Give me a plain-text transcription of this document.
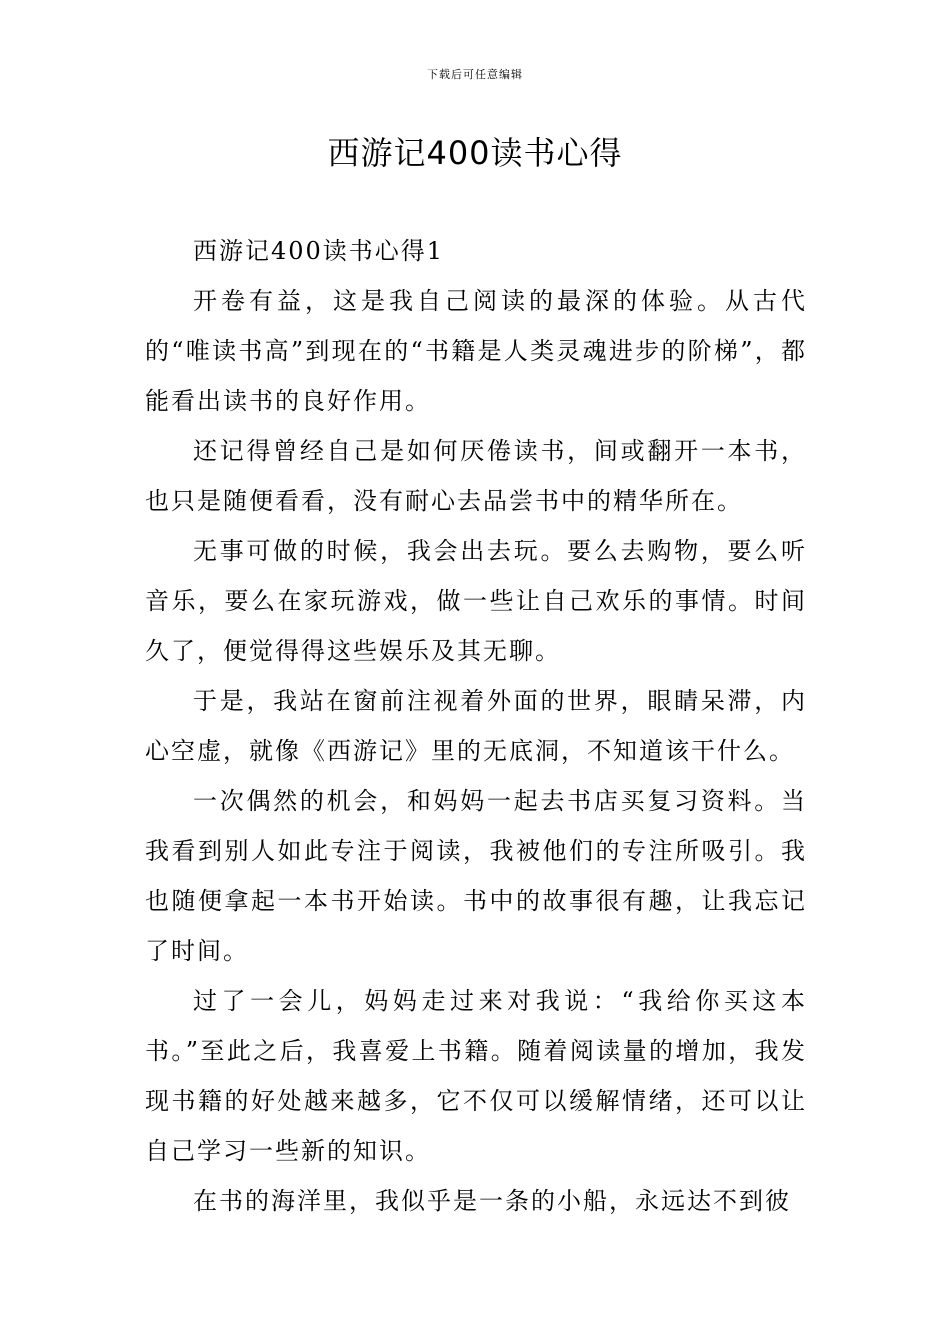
下载后可任意编辑
西游记400读书心得

西游记400读书心得1

开卷有益，这是我自己阅读的最深的体验。从古代的“唯读书高”到现在的“书籍是人类灵魂进步的阶梯”，都能看出读书的良好作用。

还记得曾经自己是如何厌倦读书，间或翻开一本书，也只是随便看看，没有耐心去品尝书中的精华所在。

无事可做的时候，我会出去玩。要么去购物，要么听音乐，要么在家玩游戏，做一些让自己欢乐的事情。时间久了，便觉得得这些娱乐及其无聊。

于是，我站在窗前注视着外面的世界，眼睛呆滞，内心空虚，就像《西游记》里的无底洞，不知道该干什么。

一次偶然的机会，和妈妈一起去书店买复习资料。当我看到别人如此专注于阅读，我被他们的专注所吸引。我也随便拿起一本书开始读。书中的故事很有趣，让我忘记了时间。

过了一会儿，妈妈走过来对我说：“我给你买这本书。”至此之后，我喜爱上书籍。随着阅读量的增加，我发现书籍的好处越来越多，它不仅可以缓解情绪，还可以让自己学习一些新的知识。

在书的海洋里，我似乎是一条的小船，永远达不到彼
